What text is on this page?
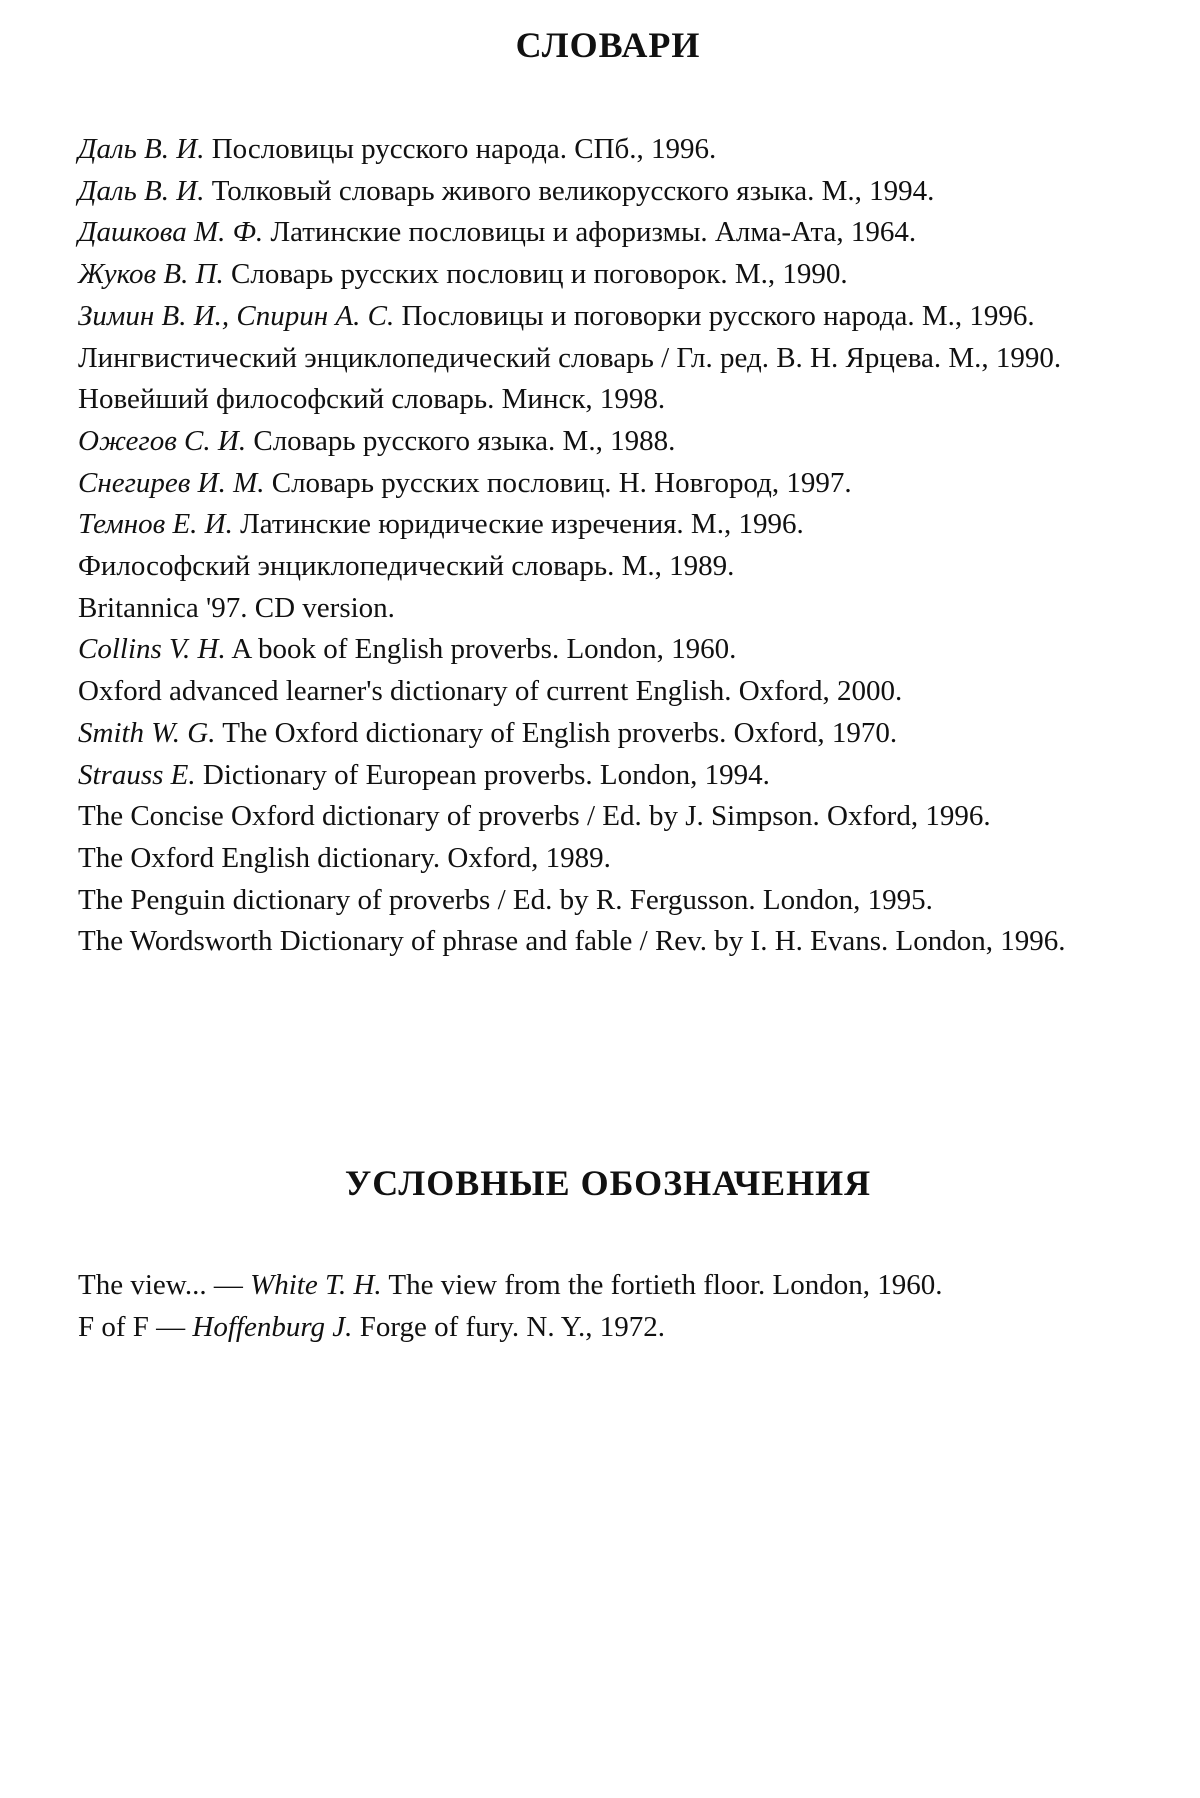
СЛОВАРИ
Даль В. И. Пословицы русского народа. СПб., 1996.
Даль В. И. Толковый словарь живого великорусского языка. М., 1994.
Дашкова М. Ф. Латинские пословицы и афоризмы. Алма-Ата, 1964.
Жуков В. П. Словарь русских пословиц и поговорок. М., 1990.
Зимин В. И., Спирин А. С. Пословицы и поговорки русского народа. М., 1996.
Лингвистический энциклопедический словарь / Гл. ред. В. Н. Ярцева. М., 1990.
Новейший философский словарь. Минск, 1998.
Ожегов С. И. Словарь русского языка. М., 1988.
Снегирев И. М. Словарь русских пословиц. Н. Новгород, 1997.
Темнов Е. И. Латинские юридические изречения. М., 1996.
Философский энциклопедический словарь. М., 1989.
Britannica '97. CD version.
Collins V. H. A book of English proverbs. London, 1960.
Oxford advanced learner's dictionary of current English. Oxford, 2000.
Smith W. G. The Oxford dictionary of English proverbs. Oxford, 1970.
Strauss E. Dictionary of European proverbs. London, 1994.
The Concise Oxford dictionary of proverbs / Ed. by J. Simpson. Oxford, 1996.
The Oxford English dictionary. Oxford, 1989.
The Penguin dictionary of proverbs / Ed. by R. Fergusson. London, 1995.
The Wordsworth Dictionary of phrase and fable / Rev. by I. H. Evans. London, 1996.
УСЛОВНЫЕ ОБОЗНАЧЕНИЯ
The view... — White T. H. The view from the fortieth floor. London, 1960.
F of F — Hoffenburg J. Forge of fury. N. Y., 1972.
